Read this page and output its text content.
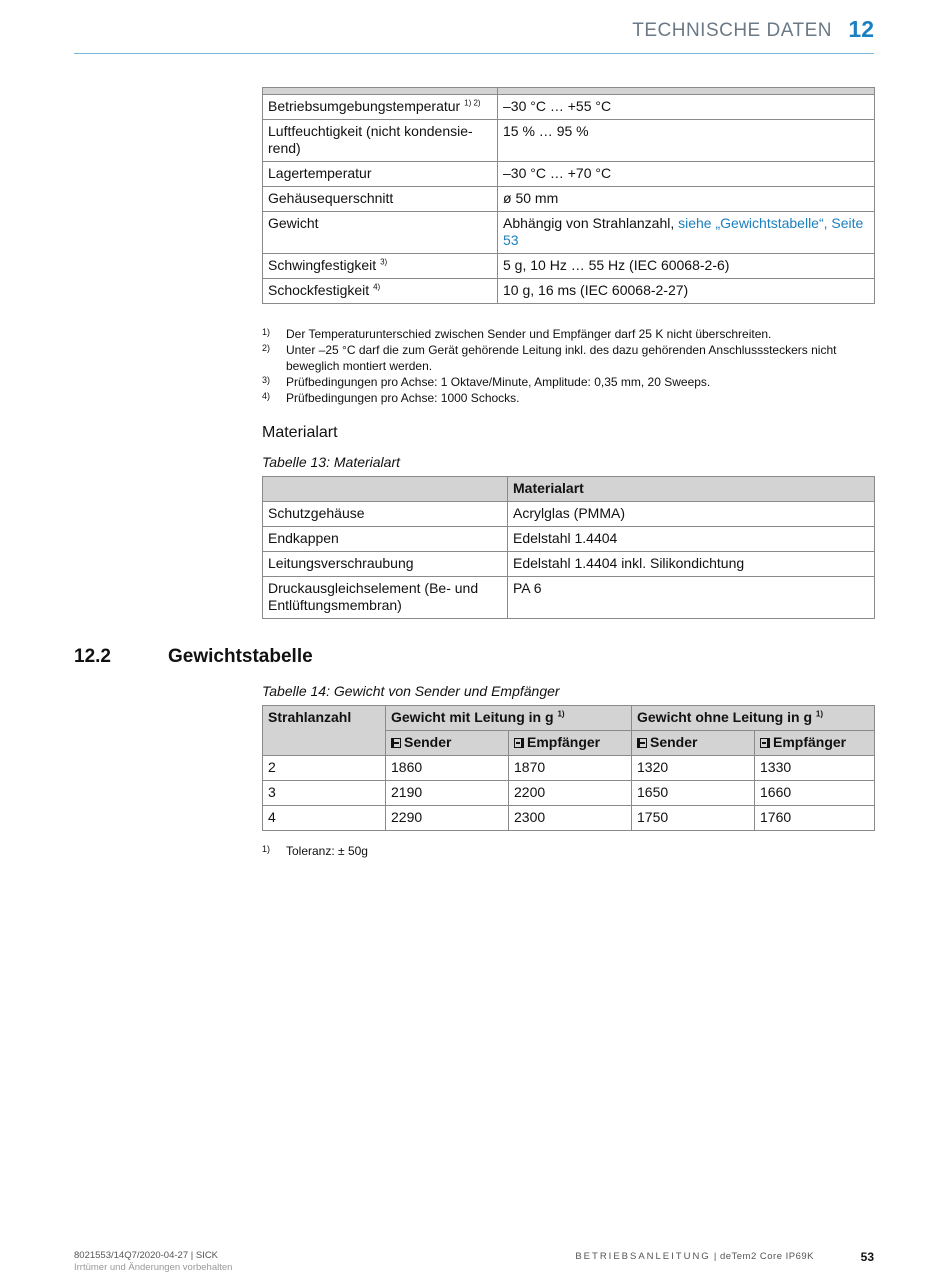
TECHNISCHE DATEN 12

Betriebsumgebungstemperatur $^{1) 2)}$	–30 °C … +55 °C
Luftfeuchtigkeit (nicht kondensie-rend)	15 % … 95 %
Lagertemperatur	–30 °C … +70 °C
Gehäusequerschnitt	ø 50 mm
Gewicht	Abhängig von Strahlanzahl, siehe „Gewichtstabelle“, Seite 53
Schwingfestigkeit $^{3)}$	5 g, 10 Hz … 55 Hz (IEC 60068-2-6)
Schockfestigkeit $^{4)}$	10 g, 16 ms (IEC 60068-2-27)
1)	Der Temperaturunterschied zwischen Sender und Empfänger darf 25 K nicht überschreiten.
2)	Unter –25 °C darf die zum Gerät gehörende Leitung inkl. des dazu gehörenden Anschlusssteckers nicht beweglich montiert werden.
3)	Prüfbedingungen pro Achse: 1 Oktave/Minute, Amplitude: 0,35 mm, 20 Sweeps.
4)	Prüfbedingungen pro Achse: 1000 Schocks.
Materialart
Tabelle 13: Materialart
	Materialart
Schutzgehäuse	Acrylglas (PMMA)
Endkappen	Edelstahl 1.4404
Leitungsverschraubung	Edelstahl 1.4404 inkl. Silikondichtung
Druckausgleichselement (Be- und Entlüftungsmembran)	PA 6
12.2	Gewichtstabelle
Tabelle 14: Gewicht von Sender und Empfänger
Strahlanzahl	Gewicht mit Leitung in g $^{1)}$		Gewicht ohne Leitung in g $^{1)}$
	Sender	Empfänger	Sender	Empfänger
2	1860	1870	1320	1330
3	2190	2200	1650	1660
4	2290	2300	1750	1760
1)	Toleranz: ± 50g
8021553/14Q7/2020-04-27 | SICK
Irrtümer und Änderungen vorbehalten
BETRIEBSANLEITUNG | deTem2 Core IP69K	53
